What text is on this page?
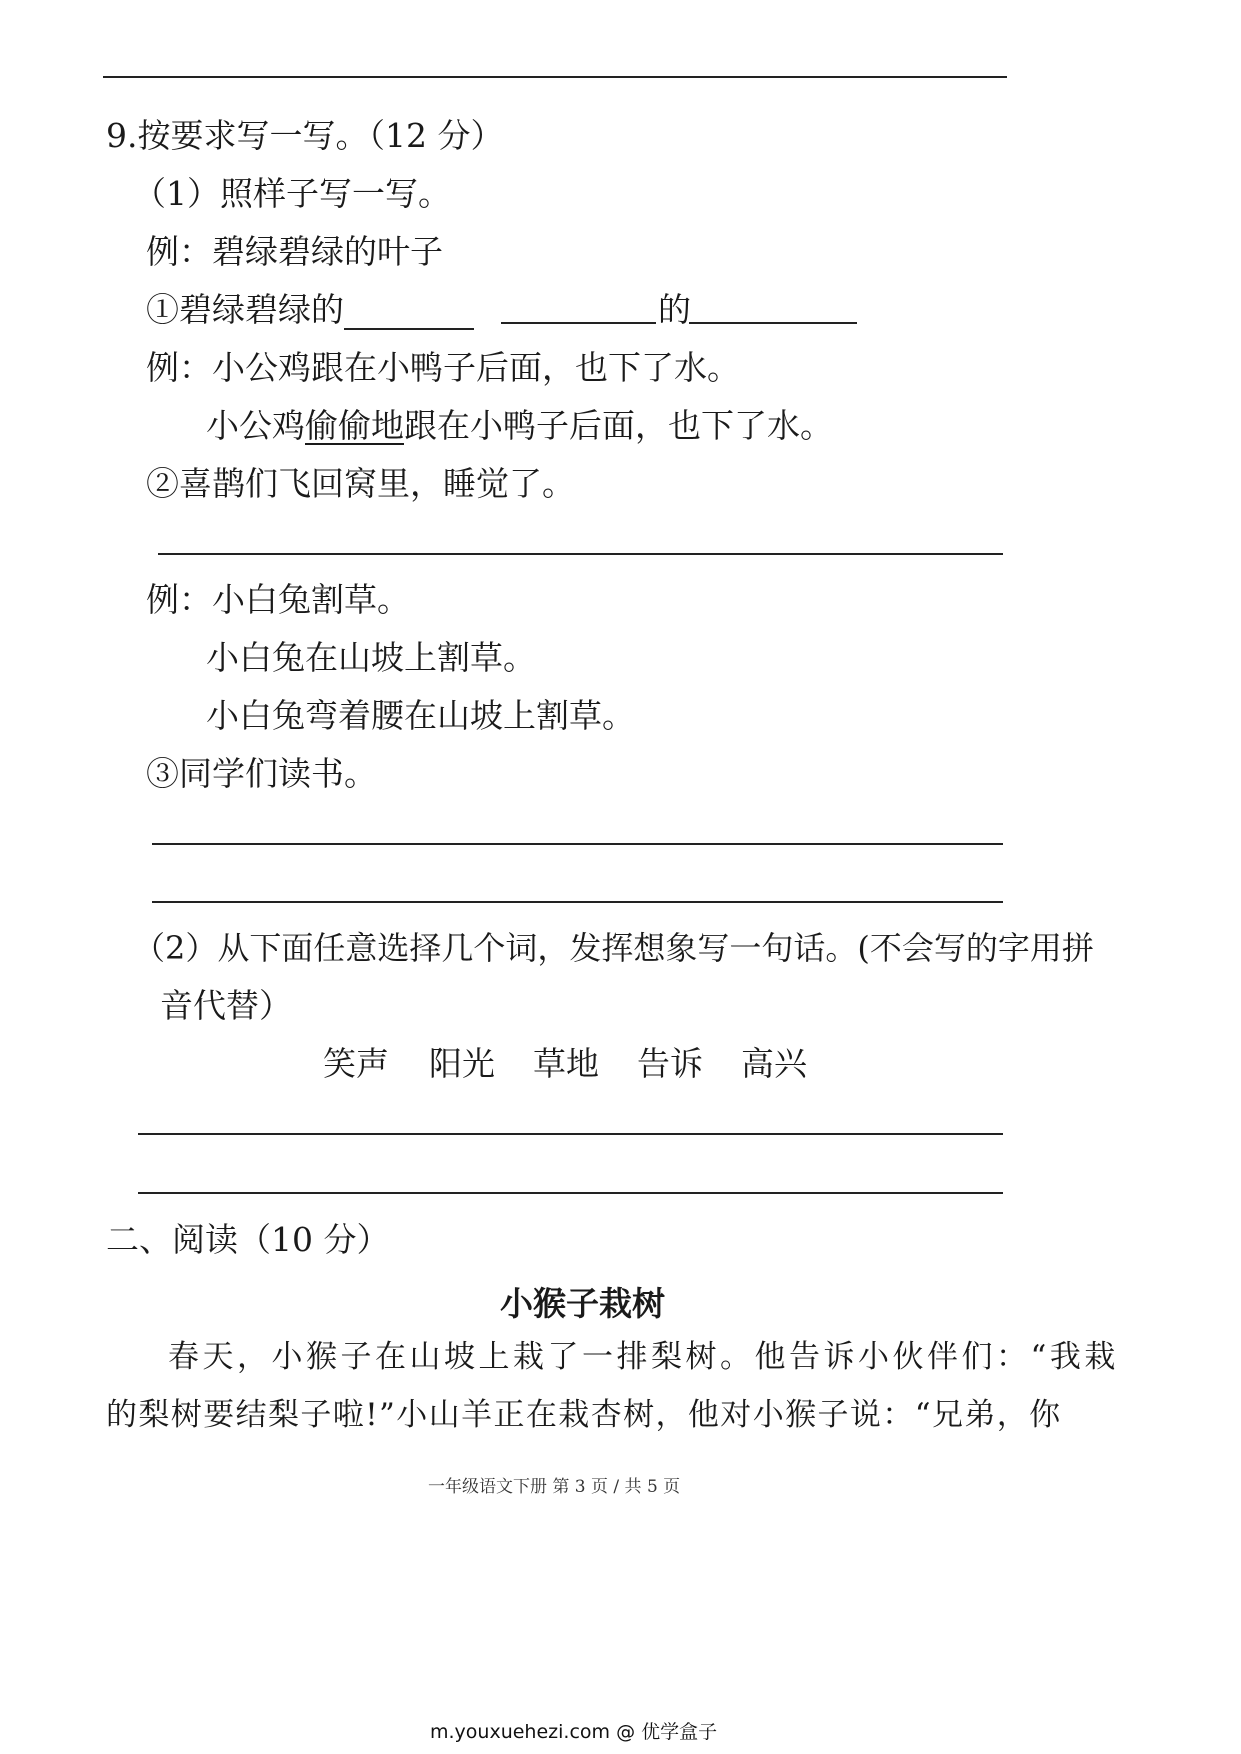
9.按要求写一写。（12 分）
（1）照样子写一写。
例：碧绿碧绿的叶子
①碧绿碧绿的	的
例：小公鸡跟在小鸭子后面，也下了水。
小公鸡偷偷地跟在小鸭子后面，也下了水。
②喜鹊们飞回窝里，睡觉了。
例：小白兔割草。
小白兔在山坡上割草。
小白兔弯着腰在山坡上割草。
③同学们读书。
（2）从下面任意选择几个词，发挥想象写一句话。(不会写的字用拼
音代替）
笑声 阳光 草地 告诉 高兴
二、阅读（10 分）
小猴子栽树
春天，小猴子在山坡上栽了一排梨树。他告诉小伙伴们：“我栽
的梨树要结梨子啦!”小山羊正在栽杏树，他对小猴子说：“兄弟，你
一年级语文下册 第 3 页 / 共 5 页
m.youxuehezi.com @ 优学盒子
